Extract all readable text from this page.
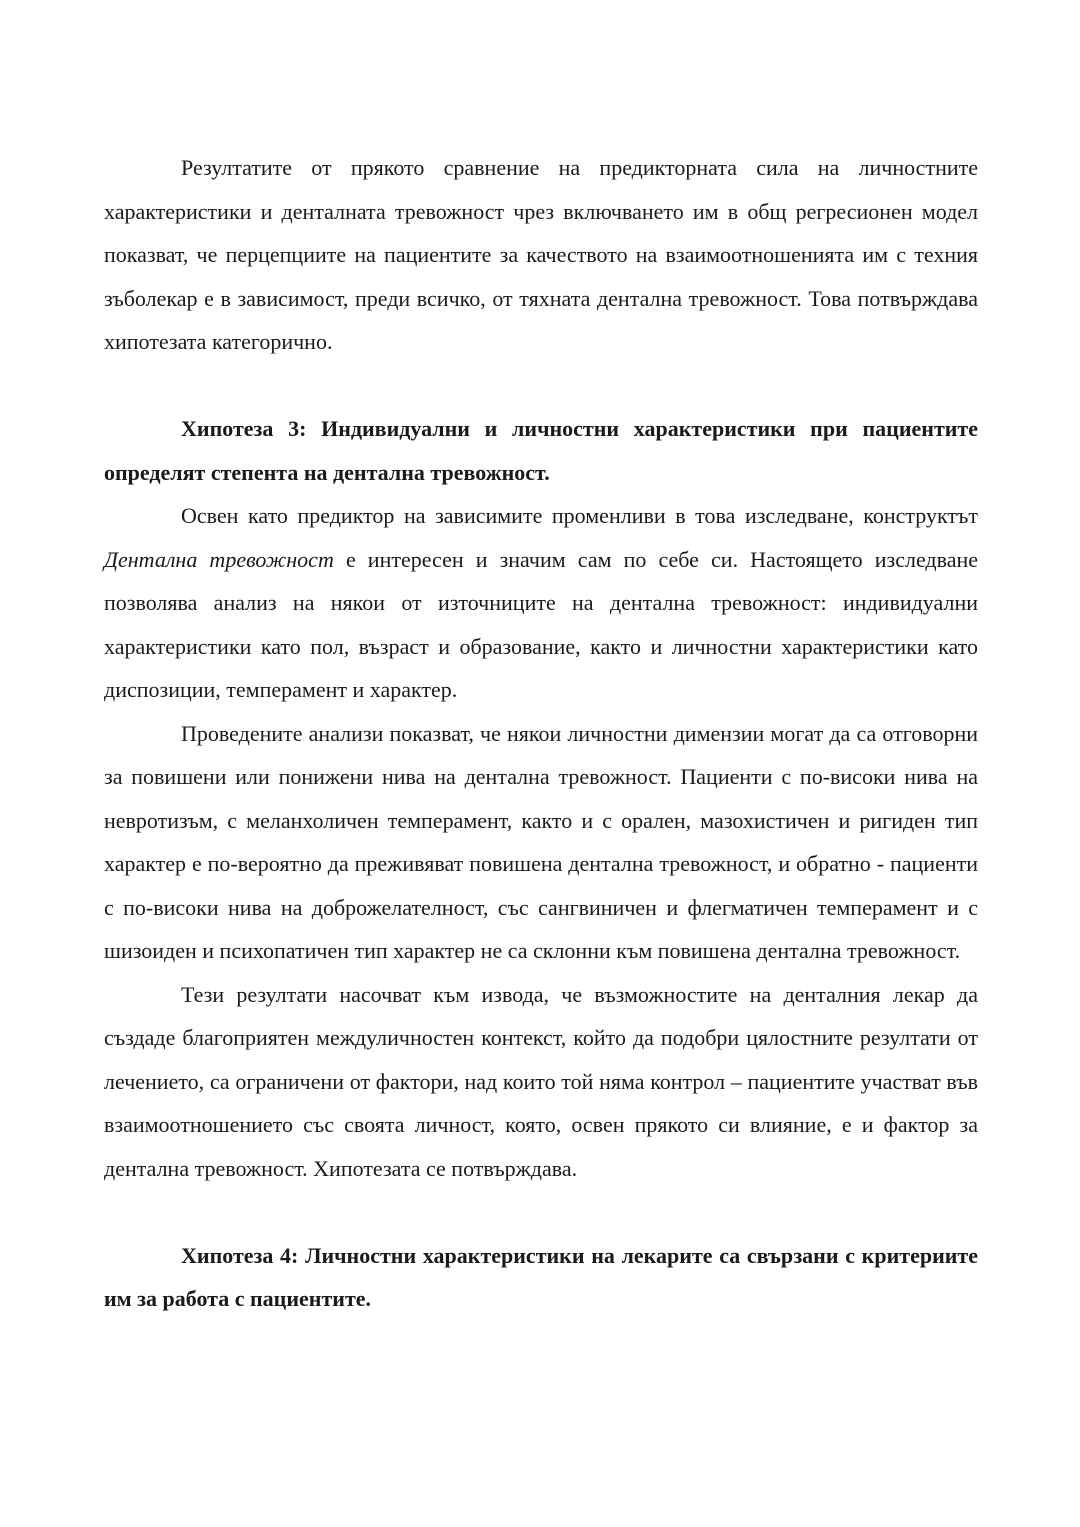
Резултатите от прякото сравнение на предикторната сила на личностните характеристики и денталната тревожност чрез включването им в общ регресионен модел показват, че перцепциите на пациентите за качеството на взаимоотношенията им с техния зъболекар е в зависимост, преди всичко, от тяхната дентална тревожност. Това потвърждава хипотезата категорично.

Хипотеза 3: Индивидуални и личностни характеристики при пациентите определят степента на дентална тревожност.

Освен като предиктор на зависимите променливи в това изследване, конструктът Дентална тревожност е интересен и значим сам по себе си. Настоящето изследване позволява анализ на някои от източниците на дентална тревожност: индивидуални характеристики като пол, възраст и образование, както и личностни характеристики като диспозиции, темперамент и характер.

Проведените анализи показват, че някои личностни димензии могат да са отговорни за повишени или понижени нива на дентална тревожност. Пациенти с по-високи нива на невротизъм, с меланхоличен темперамент, както и с орален, мазохистичен и ригиден тип характер е по-вероятно да преживяват повишена дентална тревожност, и обратно - пациенти с по-високи нива на доброжелателност, със сангвиничен и флегматичен темперамент и с шизоиден и психопатичен тип характер не са склонни към повишена дентална тревожност.

Тези резултати насочват към извода, че възможностите на денталния лекар да създаде благоприятен междуличностен контекст, който да подобри цялостните резултати от лечението, са ограничени от фактори, над които той няма контрол – пациентите участват във взаимоотношението със своята личност, която, освен прякото си влияние, е и фактор за дентална тревожност. Хипотезата се потвърждава.

Хипотеза 4: Личностни характеристики на лекарите са свързани с критериите им за работа с пациентите.
